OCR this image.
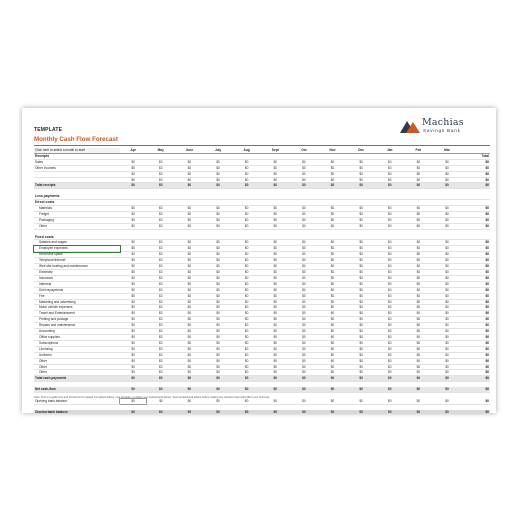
TEMPLATE
Monthly Cash Flow Forecast
Machias
Savings Bank
Click here to select a month to start	Apr	May	June	July	Aug	Sept	Oct	Nov	Dec	Jan	Feb	Mar	
Receipts													Total
Sales	$0	$0	$0	$0	$0	$0	$0	$0	$0	$0	$0	$0	$0
Other incomes	$0	$0	$0	$0	$0	$0	$0	$0	$0	$0	$0	$0	$0
	$0	$0	$0	$0	$0	$0	$0	$0	$0	$0	$0	$0	$0
	$0	$0	$0	$0	$0	$0	$0	$0	$0	$0	$0	$0	$0
Total receipts	$0	$0	$0	$0	$0	$0	$0	$0	$0	$0	$0	$0	$0

Less payments													
Direct costs													
Materials	$0	$0	$0	$0	$0	$0	$0	$0	$0	$0	$0	$0	$0
Freight	$0	$0	$0	$0	$0	$0	$0	$0	$0	$0	$0	$0	$0
Packaging	$0	$0	$0	$0	$0	$0	$0	$0	$0	$0	$0	$0	$0
Other	$0	$0	$0	$0	$0	$0	$0	$0	$0	$0	$0	$0	$0

Fixed costs													
Salaries and wages	$0	$0	$0	$0	$0	$0	$0	$0	$0	$0	$0	$0	$0
Employee expenses	$0	$0	$0	$0	$0	$0	$0	$0	$0	$0	$0	$0	$0
Rent/Rent space	$0	$0	$0	$0	$0	$0	$0	$0	$0	$0	$0	$0	$0
Telephone/Internet	$0	$0	$0	$0	$0	$0	$0	$0	$0	$0	$0	$0	$0
Web site hosting and maintenance	$0	$0	$0	$0	$0	$0	$0	$0	$0	$0	$0	$0	$0
Electricity	$0	$0	$0	$0	$0	$0	$0	$0	$0	$0	$0	$0	$0
Insurance	$0	$0	$0	$0	$0	$0	$0	$0	$0	$0	$0	$0	$0
Interests	$0	$0	$0	$0	$0	$0	$0	$0	$0	$0	$0	$0	$0
Debt repayments	$0	$0	$0	$0	$0	$0	$0	$0	$0	$0	$0	$0	$0
Fee	$0	$0	$0	$0	$0	$0	$0	$0	$0	$0	$0	$0	$0
Marketing and advertising	$0	$0	$0	$0	$0	$0	$0	$0	$0	$0	$0	$0	$0
Motor vehicle expenses	$0	$0	$0	$0	$0	$0	$0	$0	$0	$0	$0	$0	$0
Travel and Entertainment	$0	$0	$0	$0	$0	$0	$0	$0	$0	$0	$0	$0	$0
Printing and postage	$0	$0	$0	$0	$0	$0	$0	$0	$0	$0	$0	$0	$0
Repairs and maintenance	$0	$0	$0	$0	$0	$0	$0	$0	$0	$0	$0	$0	$0
Accounting	$0	$0	$0	$0	$0	$0	$0	$0	$0	$0	$0	$0	$0
Office supplies	$0	$0	$0	$0	$0	$0	$0	$0	$0	$0	$0	$0	$0
Subscriptions	$0	$0	$0	$0	$0	$0	$0	$0	$0	$0	$0	$0	$0
Licensing	$0	$0	$0	$0	$0	$0	$0	$0	$0	$0	$0	$0	$0
Uniforms	$0	$0	$0	$0	$0	$0	$0	$0	$0	$0	$0	$0	$0
Other	$0	$0	$0	$0	$0	$0	$0	$0	$0	$0	$0	$0	$0
Other	$0	$0	$0	$0	$0	$0	$0	$0	$0	$0	$0	$0	$0
Other	$0	$0	$0	$0	$0	$0	$0	$0	$0	$0	$0	$0	$0
Total cash payments	$0	$0	$0	$0	$0	$0	$0	$0	$0	$0	$0	$0	$0

Net cash-flow	$0	$0	$0	$0	$0	$0	$0	$0	$0	$0	$0	$0	$0

Opening bank balance	$0	$0	$0	$0	$0	$0	$0	$0	$0	$0	$0	$0	$0

Closing bank balance	$0	$0	$0	$0	$0	$0	$0	$0	$0	$0	$0	$0	$0
Note: This is a guide only and should not be treated completed advice. Use template, or obtain your professional advice. Seek professional advice before making any decision that could affect your business.
